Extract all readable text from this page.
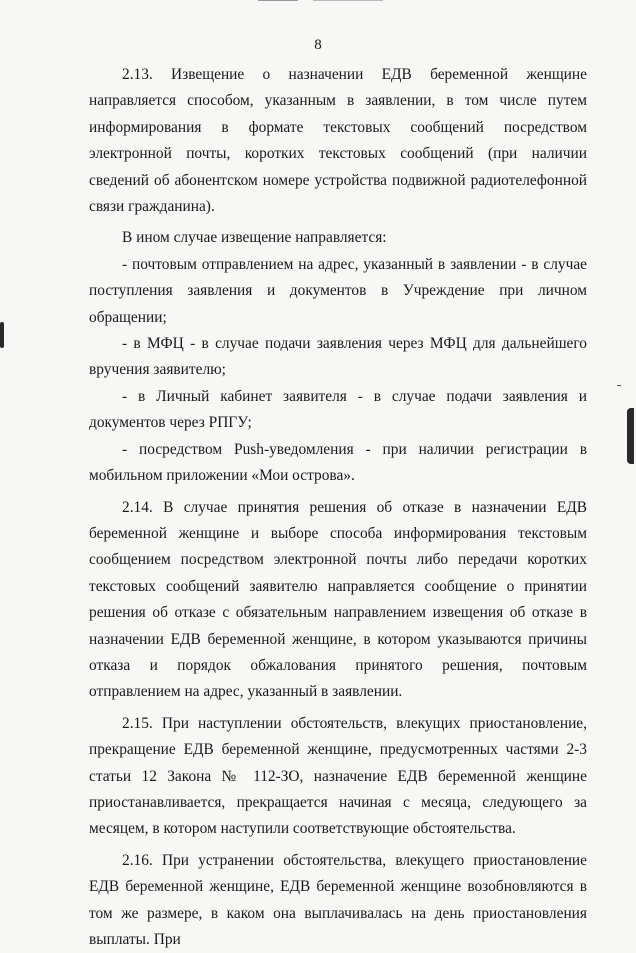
8

2.13. Извещение о назначении ЕДВ беременной женщине направляется способом, указанным в заявлении, в том числе путем информирования в формате текстовых сообщений посредством электронной почты, коротких текстовых сообщений (при наличии сведений об абонентском номере устройства подвижной радиотелефонной связи гражданина).

В ином случае извещение направляется:

- почтовым отправлением на адрес, указанный в заявлении - в случае поступления заявления и документов в Учреждение при личном обращении;

- в МФЦ - в случае подачи заявления через МФЦ для дальнейшего вручения заявителю;

- в Личный кабинет заявителя - в случае подачи заявления и документов через РПГУ;

- посредством Push-уведомления - при наличии регистрации в мобильном приложении «Мои острова».

2.14. В случае принятия решения об отказе в назначении ЕДВ беременной женщине и выборе способа информирования текстовым сообщением посредством электронной почты либо передачи коротких текстовых сообщений заявителю направляется сообщение о принятии решения об отказе с обязательным направлением извещения об отказе в назначении ЕДВ беременной женщине, в котором указываются причины отказа и порядок обжалования принятого решения, почтовым отправлением на адрес, указанный в заявлении.

2.15. При наступлении обстоятельств, влекущих приостановление, прекращение ЕДВ беременной женщине, предусмотренных частями 2-3 статьи 12 Закона № 112-ЗО, назначение ЕДВ беременной женщине приостанавливается, прекращается начиная с месяца, следующего за месяцем, в котором наступили соответствующие обстоятельства.

2.16. При устранении обстоятельства, влекущего приостановление ЕДВ беременной женщине, ЕДВ беременной женщине возобновляются в том же размере, в каком она выплачивалась на день приостановления выплаты. При
